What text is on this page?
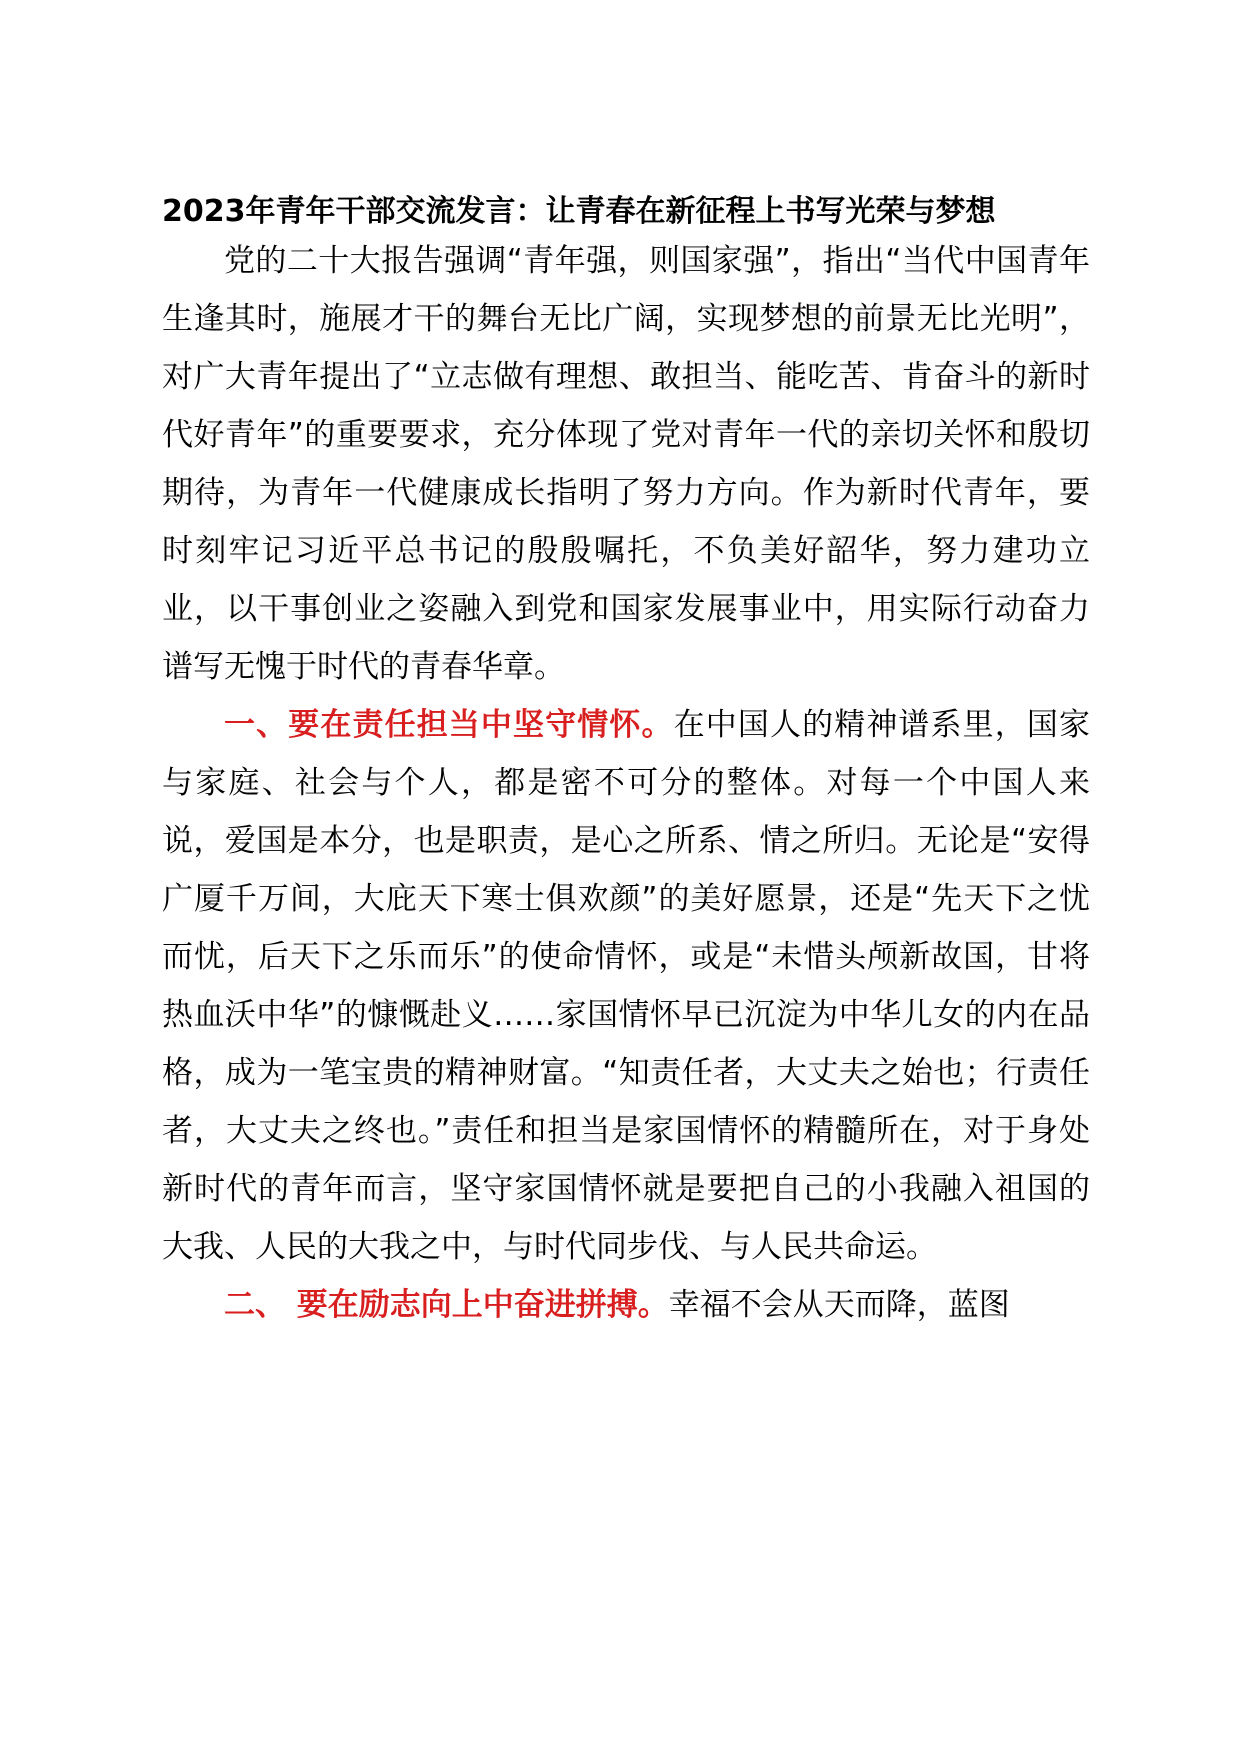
2023年青年干部交流发言：让青春在新征程上书写光荣与梦想

党的二十大报告强调“青年强，则国家强”，指出“当代中国青年生逢其时，施展才干的舞台无比广阔，实现梦想的前景无比光明”，对广大青年提出了“立志做有理想、敢担当、能吃苦、肯奋斗的新时代好青年”的重要要求，充分体现了党对青年一代的亲切关怀和殷切期待，为青年一代健康成长指明了努力方向。作为新时代青年，要时刻牢记习近平总书记的殷殷嘱托，不负美好韶华，努力建功立业，以干事创业之姿融入到党和国家发展事业中，用实际行动奋力谱写无愧于时代的青春华章。

一、要在责任担当中坚守情怀。在中国人的精神谱系里，国家与家庭、社会与个人，都是密不可分的整体。对每一个中国人来说，爱国是本分，也是职责，是心之所系、情之所归。无论是“安得广厦千万间，大庇天下寒士俱欢颜”的美好愿景，还是“先天下之忧而忧，后天下之乐而乐”的使命情怀，或是“未惜头颅新故国，甘将热血沃中华”的慷慨赴义……家国情怀早已沉淀为中华儿女的内在品格，成为一笔宝贵的精神财富。“知责任者，大丈夫之始也；行责任者，大丈夫之终也。”责任和担当是家国情怀的精髓所在，对于身处新时代的青年而言，坚守家国情怀就是要把自己的小我融入祖国的大我、人民的大我之中，与时代同步伐、与人民共命运。

二、 要在励志向上中奋进拼搏。幸福不会从天而降，蓝图
